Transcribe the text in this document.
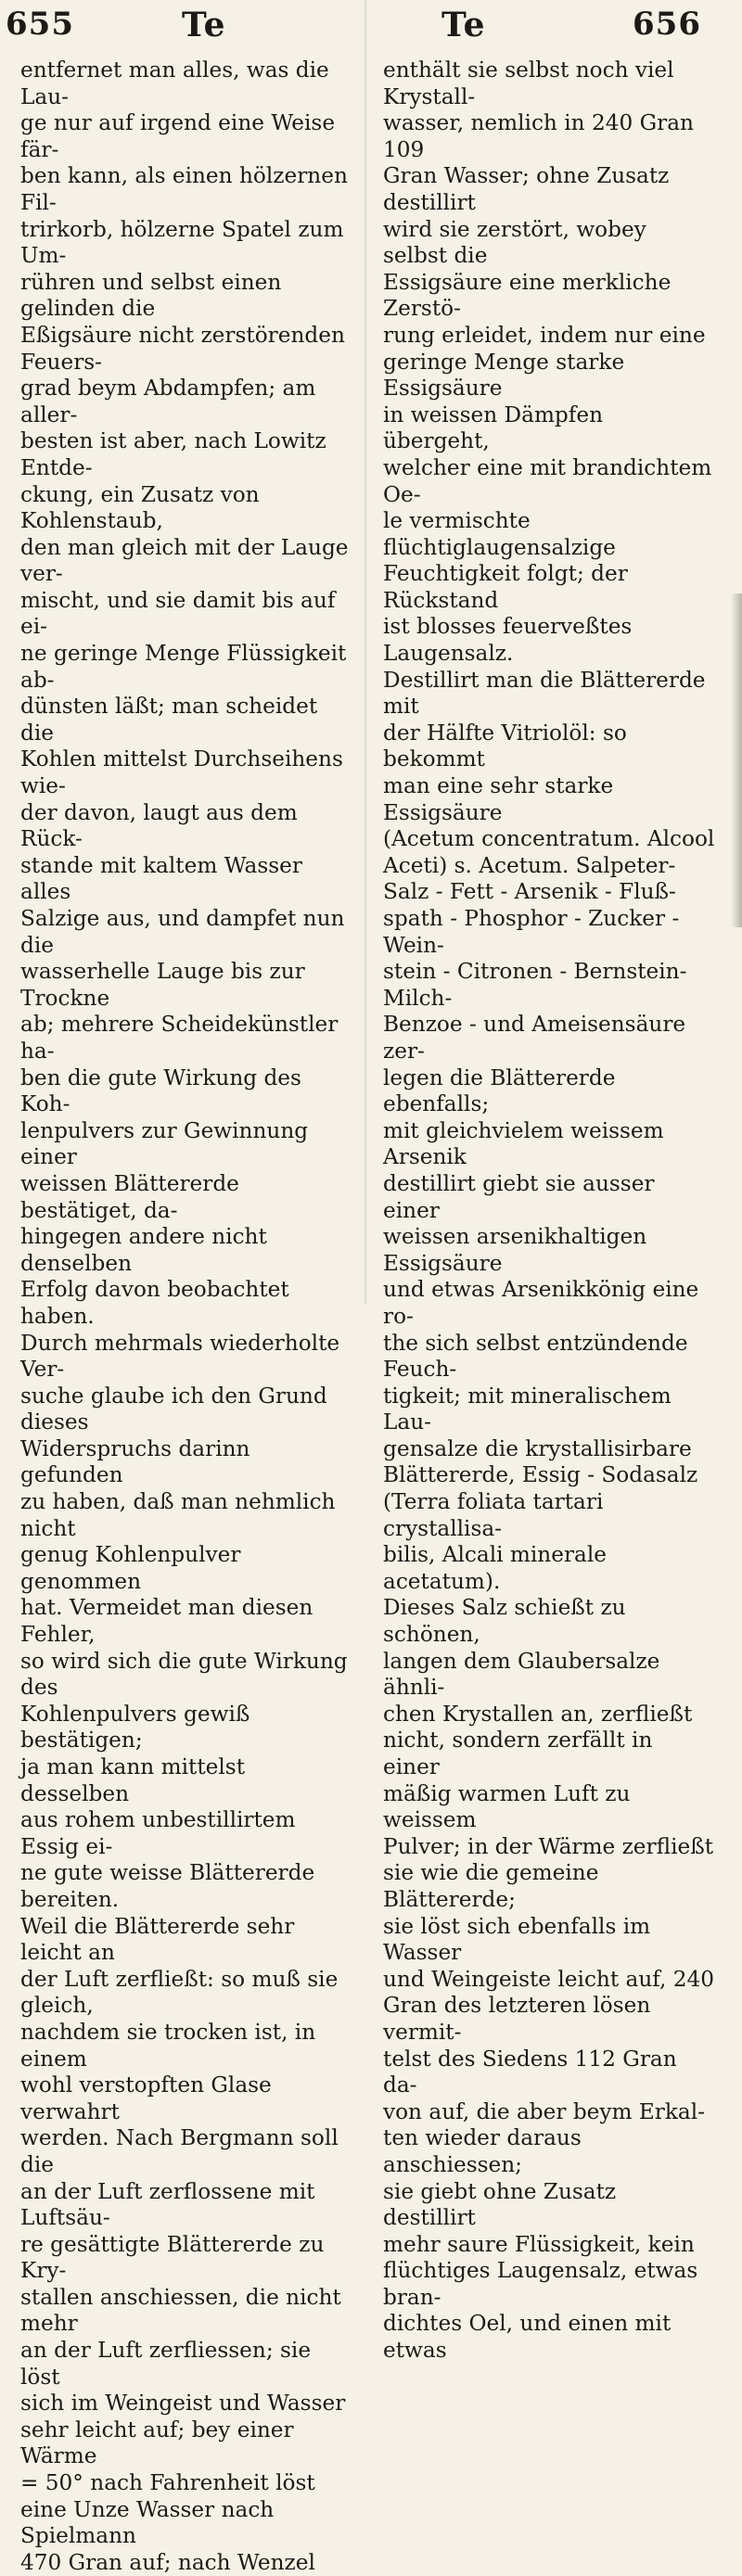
655	Te	Te	656

entfernet man alles, was die Lau-
ge nur auf irgend eine Weise fär-
ben kann, als einen hölzernen Fil-
trirkorb, hölzerne Spatel zum Um-
rühren und selbst einen gelinden die
Eßigsäure nicht zerstörenden Feuers-
grad beym Abdampfen; am aller-
besten ist aber, nach Lowitz Entde-
ckung, ein Zusatz von Kohlenstaub,
den man gleich mit der Lauge ver-
mischt, und sie damit bis auf ei-
ne geringe Menge Flüssigkeit ab-
dünsten läßt; man scheidet die
Kohlen mittelst Durchseihens wie-
der davon, laugt aus dem Rück-
stande mit kaltem Wasser alles
Salzige aus, und dampfet nun die
wasserhelle Lauge bis zur Trockne
ab; mehrere Scheidekünstler ha-
ben die gute Wirkung des Koh-
lenpulvers zur Gewinnung einer
weissen Blättererde bestätiget, da-
hingegen andere nicht denselben
Erfolg davon beobachtet haben.
Durch mehrmals wiederholte Ver-
suche glaube ich den Grund dieses
Widerspruchs darinn gefunden
zu haben, daß man nehmlich nicht
genug Kohlenpulver genommen
hat. Vermeidet man diesen Fehler,
so wird sich die gute Wirkung des
Kohlenpulvers gewiß bestätigen;
ja man kann mittelst desselben
aus rohem unbestillirtem Essig ei-
ne gute weisse Blättererde bereiten.
Weil die Blättererde sehr leicht an
der Luft zerfließt: so muß sie gleich,
nachdem sie trocken ist, in einem
wohl verstopften Glase verwahrt
werden. Nach Bergmann soll die
an der Luft zerflossene mit Luftsäu-
re gesättigte Blättererde zu Kry-
stallen anschiessen, die nicht mehr
an der Luft zerfliessen; sie löst
sich im Weingeist und Wasser
sehr leicht auf; bey einer Wärme
= 50° nach Fahrenheit löst
eine Unze Wasser nach Spielmann
470 Gran auf; nach Wenzel

enthält sie selbst noch viel Krystall-
wasser, nemlich in 240 Gran 109
Gran Wasser; ohne Zusatz destillirt
wird sie zerstört, wobey selbst die
Essigsäure eine merkliche Zerstö-
rung erleidet, indem nur eine
geringe Menge starke Essigsäure
in weissen Dämpfen übergeht,
welcher eine mit brandichtem Oe-
le vermischte flüchtiglaugensalzige
Feuchtigkeit folgt; der Rückstand
ist blosses feuerveßtes Laugensalz.
Destillirt man die Blättererde mit
der Hälfte Vitriolöl: so bekommt
man eine sehr starke Essigsäure
(Acetum concentratum. Alcool
Aceti) s. Acetum. Salpeter-
Salz - Fett - Arsenik - Fluß-
spath - Phosphor - Zucker - Wein-
stein - Citronen - Bernstein-Milch-
Benzoe - und Ameisensäure zer-
legen die Blättererde ebenfalls;
mit gleichvielem weissem Arsenik
destillirt giebt sie ausser einer
weissen arsenikhaltigen Essigsäure
und etwas Arsenikkönig eine ro-
the sich selbst entzündende Feuch-
tigkeit; mit mineralischem Lau-
gensalze die krystallisirbare
Blättererde, Essig - Sodasalz
(Terra foliata tartari crystallisa-
bilis, Alcali minerale acetatum).
Dieses Salz schießt zu schönen,
langen dem Glaubersalze ähnli-
chen Krystallen an, zerfließt
nicht, sondern zerfällt in einer
mäßig warmen Luft zu weissem
Pulver; in der Wärme zerfließt
sie wie die gemeine Blättererde;
sie löst sich ebenfalls im Wasser
und Weingeiste leicht auf, 240
Gran des letzteren lösen vermit-
telst des Siedens 112 Gran da-
von auf, die aber beym Erkal-
ten wieder daraus anschiessen;
sie giebt ohne Zusatz destillirt
mehr saure Flüssigkeit, kein
flüchtiges Laugensalz, etwas bran-
dichtes Oel, und einen mit
etwas
